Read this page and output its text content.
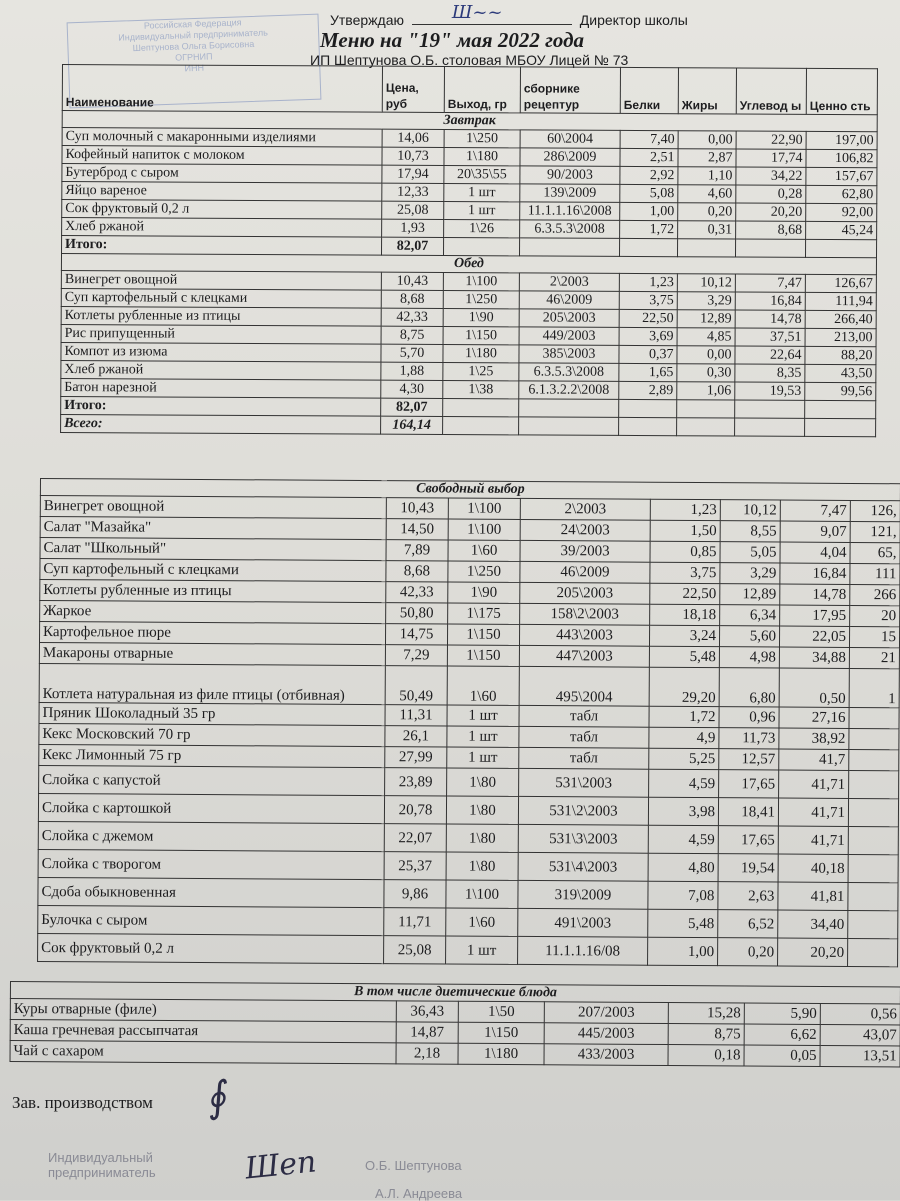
Российская Федерация
Индивидуальный предприниматель
Шептунова Ольга Борисовна
ОГРНИП
ИНН
Утверждаю	Ш~~	Директор школы
Меню на "19" мая 2022 года
ИП Шептунова О.Б. столовая МБОУ Лицей № 73
Наименование	Цена, руб	Выход, гр	сборнике рецептур	Белки	Жиры	Углевод ы	Ценно сть
Завтрак							
Суп молочный с макаронными изделиями	14,06	1\250	60\2004	7,40	0,00	22,90	197,00
Кофейный напиток с молоком	10,73	1\180	286\2009	2,51	2,87	17,74	106,82
Бутерброд с сыром	17,94	20\35\55	90/2003	2,92	1,10	34,22	157,67
Яйцо вареное	12,33	1 шт	139\2009	5,08	4,60	0,28	62,80
Сок фруктовый 0,2 л	25,08	1 шт	11.1.1.16\2008	1,00	0,20	20,20	92,00
Хлеб ржаной	1,93	1\26	6.3.5.3\2008	1,72	0,31	8,68	45,24
Итого:	82,07						
Обед							
Винегрет овощной	10,43	1\100	2\2003	1,23	10,12	7,47	126,67
Суп картофельный с клецками	8,68	1\250	46\2009	3,75	3,29	16,84	111,94
Котлеты рубленные из птицы	42,33	1\90	205\2003	22,50	12,89	14,78	266,40
Рис припущенный	8,75	1\150	449/2003	3,69	4,85	37,51	213,00
Компот из изюма	5,70	1\180	385\2003	0,37	0,00	22,64	88,20
Хлеб ржаной	1,88	1\25	6.3.5.3\2008	1,65	0,30	8,35	43,50
Батон нарезной	4,30	1\38	6.1.3.2.2\2008	2,89	1,06	19,53	99,56
Итого:	82,07						
Всего:	164,14						
Свободный выбор							
Винегрет овощной	10,43	1\100	2\2003	1,23	10,12	7,47	126,
Салат "Мазайка"	14,50	1\100	24\2003	1,50	8,55	9,07	121,
Салат "Школьный"	7,89	1\60	39/2003	0,85	5,05	4,04	65,
Суп картофельный с клецками	8,68	1\250	46\2009	3,75	3,29	16,84	111
Котлеты рубленные из птицы	42,33	1\90	205\2003	22,50	12,89	14,78	266
Жаркое	50,80	1\175	158\2\2003	18,18	6,34	17,95	20
Картофельное пюре	14,75	1\150	443\2003	3,24	5,60	22,05	15
Макароны отварные	7,29	1\150	447\2003	5,48	4,98	34,88	21
Котлета натуральная из филе птицы (отбивная)	50,49	1\60	495\2004	29,20	6,80	0,50	1
Пряник Шоколадный 35 гр	11,31	1 шт	табл	1,72	0,96	27,16	
Кекс Московский 70 гр	26,1	1 шт	табл	4,9	11,73	38,92	
Кекс Лимонный 75 гр	27,99	1 шт	табл	5,25	12,57	41,7	
Слойка с капустой	23,89	1\80	531\2003	4,59	17,65	41,71	
Слойка с картошкой	20,78	1\80	531\2\2003	3,98	18,41	41,71	
Слойка с джемом	22,07	1\80	531\3\2003	4,59	17,65	41,71	
Слойка с творогом	25,37	1\80	531\4\2003	4,80	19,54	40,18	
Сдоба обыкновенная	9,86	1\100	319\2009	7,08	2,63	41,81	
Булочка с сыром	11,71	1\60	491\2003	5,48	6,52	34,40	
Сок фруктовый 0,2 л	25,08	1 шт	11.1.1.16/08	1,00	0,20	20,20	
В том числе диетические блюда						
Куры отварные (филе)	36,43	1\50	207/2003	15,28	5,90	0,56
Каша гречневая рассыпчатая	14,87	1\150	445/2003	8,75	6,62	43,07
Чай с сахаром	2,18	1\180	433/2003	0,18	0,05	13,51
Зав. производством ∮
Индивидуальный предприниматель	Шеп	О.Б. Шептунова
А.Л. Андреева
